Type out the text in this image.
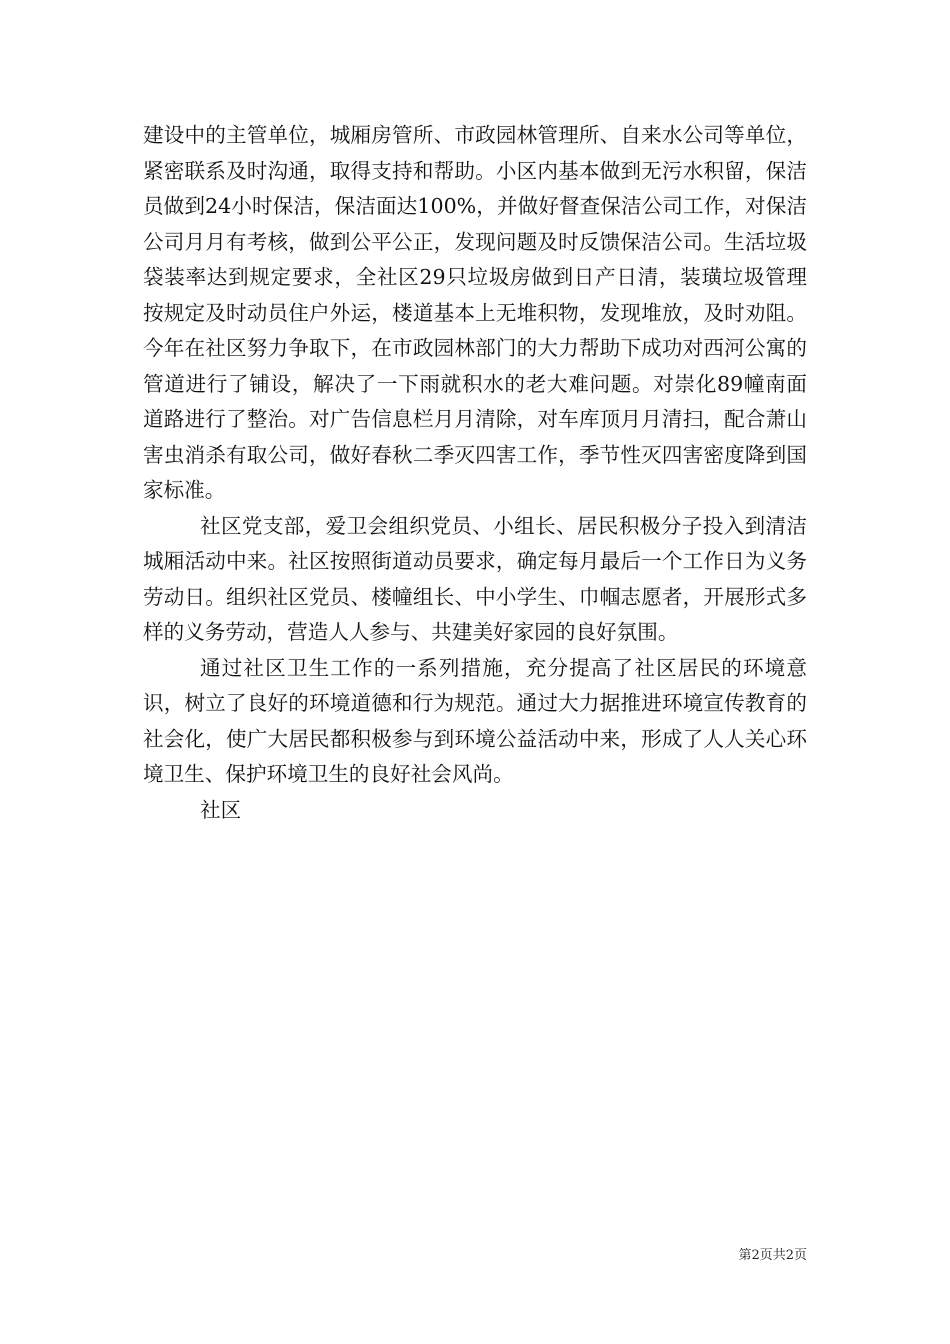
建设中的主管单位，城厢房管所、市政园林管理所、自来水公司等单位，紧密联系及时沟通，取得支持和帮助。小区内基本做到无污水积留，保洁员做到24小时保洁，保洁面达100%，并做好督查保洁公司工作，对保洁公司月月有考核，做到公平公正，发现问题及时反馈保洁公司。生活垃圾袋装率达到规定要求，全社区29只垃圾房做到日产日清，装璜垃圾管理按规定及时动员住户外运，楼道基本上无堆积物，发现堆放，及时劝阻。今年在社区努力争取下，在市政园林部门的大力帮助下成功对西河公寓的管道进行了铺设，解决了一下雨就积水的老大难问题。对崇化89幢南面道路进行了整治。对广告信息栏月月清除，对车库顶月月清扫，配合萧山害虫消杀有取公司，做好春秋二季灭四害工作，季节性灭四害密度降到国家标准。

社区党支部，爱卫会组织党员、小组长、居民积极分子投入到清洁城厢活动中来。社区按照街道动员要求，确定每月最后一个工作日为义务劳动日。组织社区党员、楼幢组长、中小学生、巾帼志愿者，开展形式多样的义务劳动，营造人人参与、共建美好家园的良好氛围。

通过社区卫生工作的一系列措施，充分提高了社区居民的环境意识，树立了良好的环境道德和行为规范。通过大力据推进环境宣传教育的社会化，使广大居民都积极参与到环境公益活动中来，形成了人人关心环境卫生、保护环境卫生的良好社会风尚。

社区

第2页共2页
